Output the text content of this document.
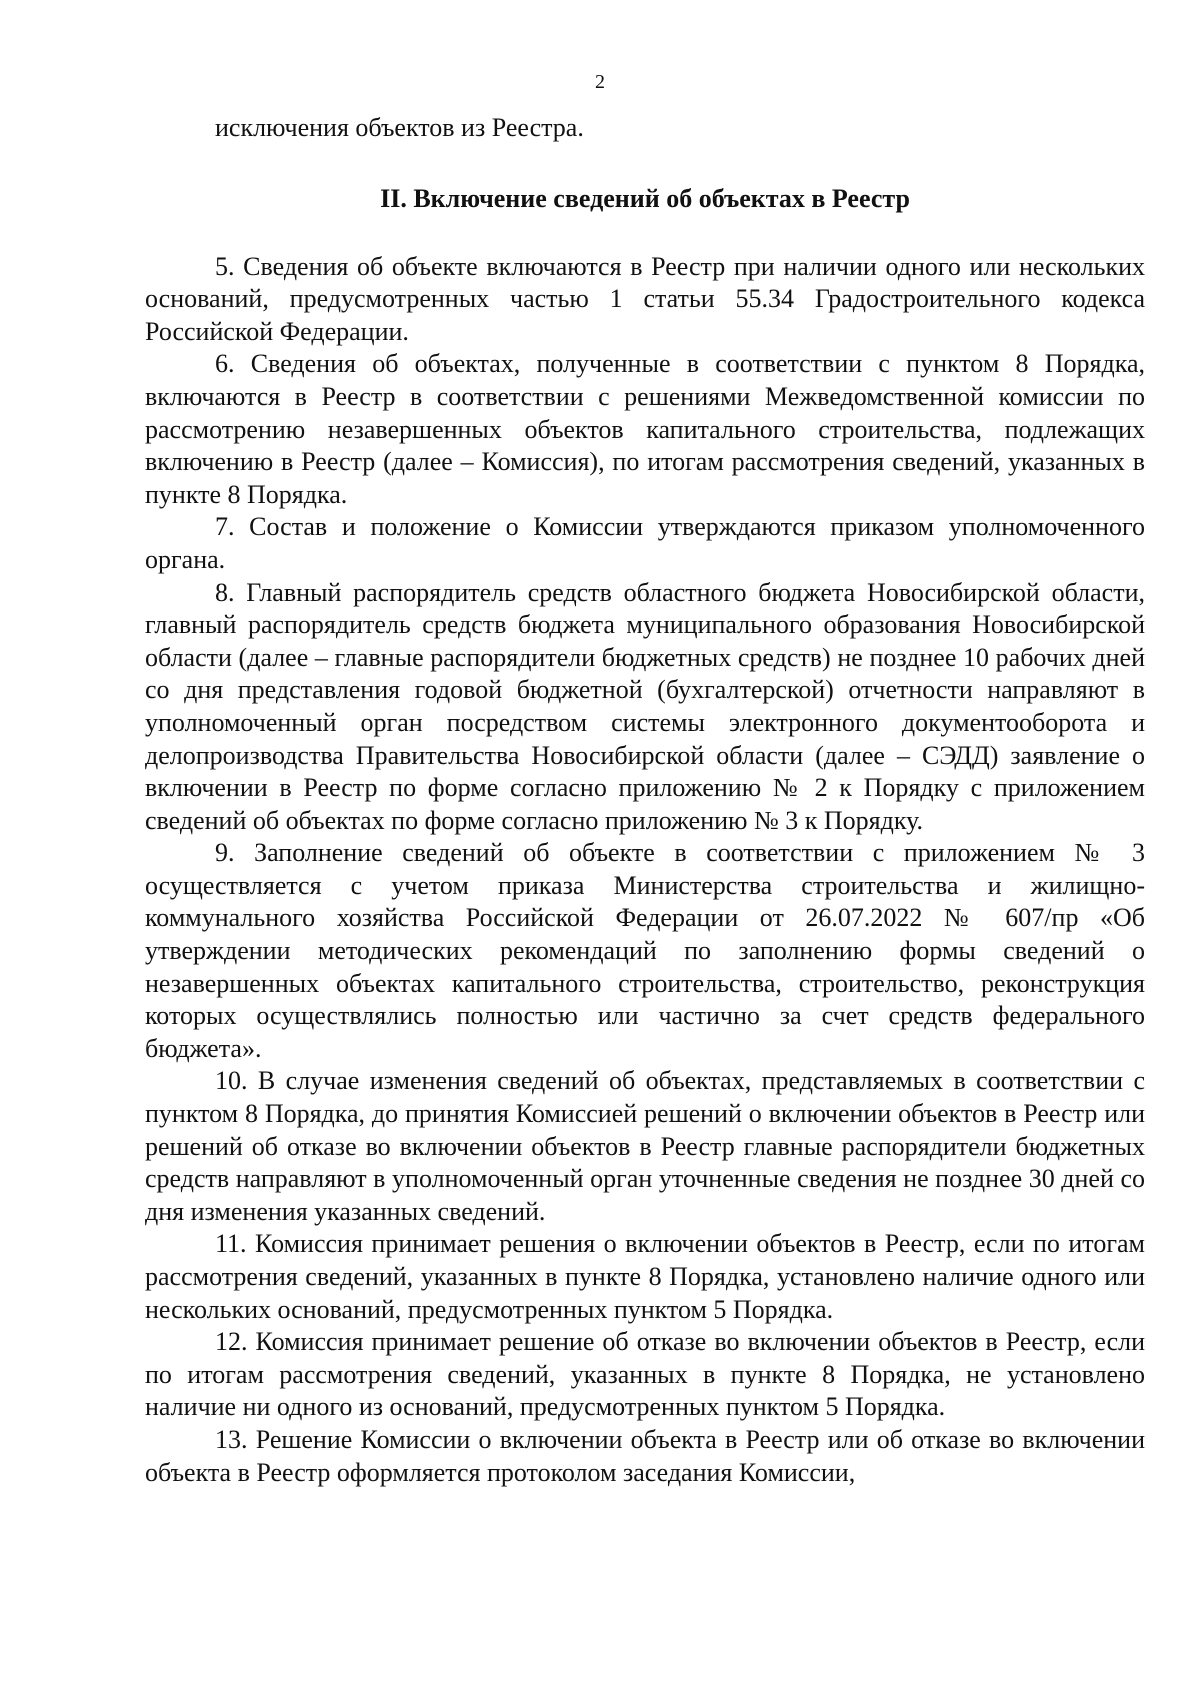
2

исключения объектов из Реестра.

II. Включение сведений об объектах в Реестр

5. Сведения об объекте включаются в Реестр при наличии одного или нескольких оснований, предусмотренных частью 1 статьи 55.34 Градостроительного кодекса Российской Федерации.

6. Сведения об объектах, полученные в соответствии с пунктом 8 Порядка, включаются в Реестр в соответствии с решениями Межведомственной комиссии по рассмотрению незавершенных объектов капитального строительства, подлежащих включению в Реестр (далее – Комиссия), по итогам рассмотрения сведений, указанных в пункте 8 Порядка.

7. Состав и положение о Комиссии утверждаются приказом уполномоченного органа.

8. Главный распорядитель средств областного бюджета Новосибирской области, главный распорядитель средств бюджета муниципального образования Новосибирской области (далее – главные распорядители бюджетных средств) не позднее 10 рабочих дней со дня представления годовой бюджетной (бухгалтерской) отчетности направляют в уполномоченный орган посредством системы электронного документооборота и делопроизводства Правительства Новосибирской области (далее – СЭДД) заявление о включении в Реестр по форме согласно приложению № 2 к Порядку с приложением сведений об объектах по форме согласно приложению № 3 к Порядку.

9. Заполнение сведений об объекте в соответствии с приложением № 3 осуществляется с учетом приказа Министерства строительства и жилищно-коммунального хозяйства Российской Федерации от 26.07.2022 № 607/пр «Об утверждении методических рекомендаций по заполнению формы сведений о незавершенных объектах капитального строительства, строительство, реконструкция которых осуществлялись полностью или частично за счет средств федерального бюджета».

10. В случае изменения сведений об объектах, представляемых в соответствии с пунктом 8 Порядка, до принятия Комиссией решений о включении объектов в Реестр или решений об отказе во включении объектов в Реестр главные распорядители бюджетных средств направляют в уполномоченный орган уточненные сведения не позднее 30 дней со дня изменения указанных сведений.

11. Комиссия принимает решения о включении объектов в Реестр, если по итогам рассмотрения сведений, указанных в пункте 8 Порядка, установлено наличие одного или нескольких оснований, предусмотренных пунктом 5 Порядка.

12. Комиссия принимает решение об отказе во включении объектов в Реестр, если по итогам рассмотрения сведений, указанных в пункте 8 Порядка, не установлено наличие ни одного из оснований, предусмотренных пунктом 5 Порядка.

13. Решение Комиссии о включении объекта в Реестр или об отказе во включении объекта в Реестр оформляется протоколом заседания Комиссии,
